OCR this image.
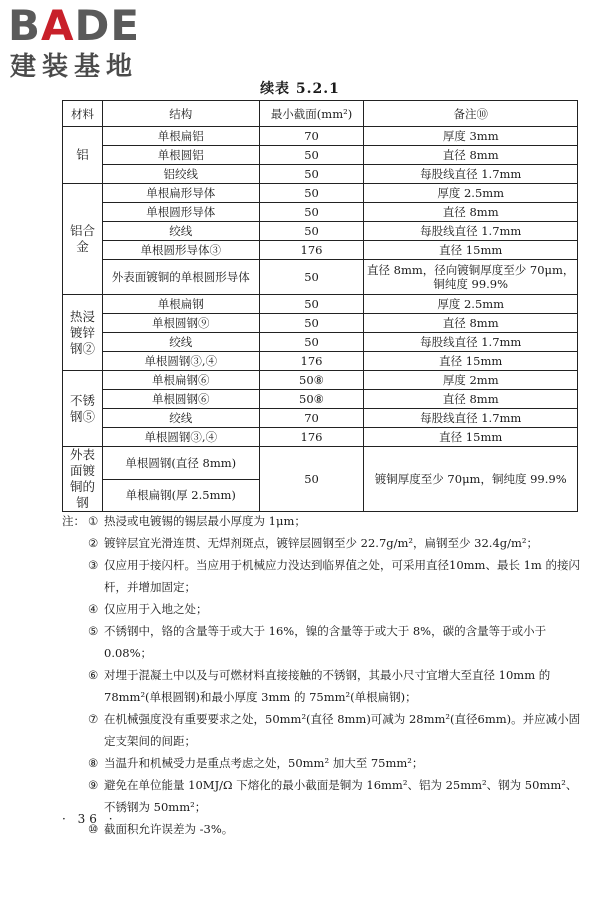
BADE
建装基地
续表 5.2.1
材料	结构	最小截面(mm²)	备注⑩
铝	单根扁铝	70	厚度 3mm
	单根圆铝	50	直径 8mm
	铝绞线	50	每股线直径 1.7mm
铝合金	单根扁形导体	50	厚度 2.5mm
	单根圆形导体	50	直径 8mm
	绞线	50	每股线直径 1.7mm
	单根圆形导体③	176	直径 15mm
	外表面镀铜的单根圆形导体	50	直径 8mm，径向镀铜厚度至少 70μm，铜纯度 99.9%
热浸镀锌钢②	单根扁钢	50	厚度 2.5mm
	单根圆钢⑨	50	直径 8mm
	绞线	50	每股线直径 1.7mm
	单根圆钢③,④	176	直径 15mm
不锈钢⑤	单根扁钢⑥	50⑧	厚度 2mm
	单根圆钢⑥	50⑧	直径 8mm
	绞线	70	每股线直径 1.7mm
	单根圆钢③,④	176	直径 15mm
外表面镀铜的钢	单根圆钢(直径 8mm)	50	镀铜厚度至少 70μm，铜纯度 99.9%
	单根扁钢(厚 2.5mm)		
注： ① 热浸或电镀锡的锡层最小厚度为 1μm；
② 镀锌层宜光滑连贯、无焊剂斑点，镀锌层圆钢至少 22.7g/m²，扁钢至少 32.4g/m²；
③ 仅应用于接闪杆。当应用于机械应力没达到临界值之处，可采用直径10mm、最长 1m 的接闪杆，并增加固定；
④ 仅应用于入地之处；
⑤ 不锈钢中，铬的含量等于或大于 16%，镍的含量等于或大于 8%，碳的含量等于或小于 0.08%；
⑥ 对埋于混凝土中以及与可燃材料直接接触的不锈钢，其最小尺寸宜增大至直径 10mm 的 78mm²(单根圆钢)和最小厚度 3mm 的 75mm²(单根扁钢)；
⑦ 在机械强度没有重要要求之处，50mm²(直径 8mm)可减为 28mm²(直径6mm)。并应减小固定支架间的间距；
⑧ 当温升和机械受力是重点考虑之处，50mm² 加大至 75mm²；
⑨ 避免在单位能量 10MJ/Ω 下熔化的最小截面是铜为 16mm²、铝为 25mm²、钢为 50mm²、不锈钢为 50mm²；
⑩ 截面积允许误差为 -3%。
· 36 ·
